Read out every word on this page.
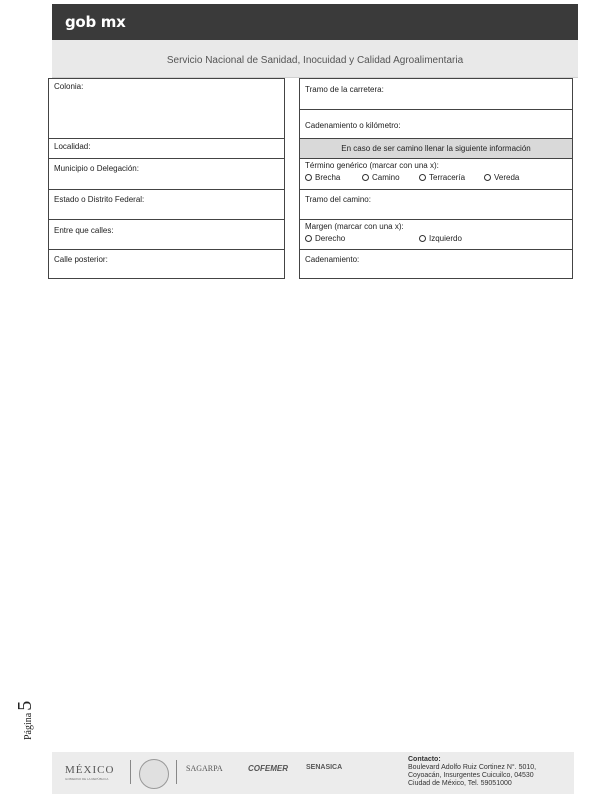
gob mx
Servicio Nacional de Sanidad, Inocuidad y Calidad Agroalimentaria
Colonia:
Localidad:
Municipio o Delegación:
Estado o Distrito Federal:
Entre que calles:
Calle posterior:
Tramo de la carretera:
Cadenamiento o kilómetro:
En caso de ser camino llenar la siguiente información
Término genérico (marcar con una x):
Brecha	Camino	Terracería	Vereda
Tramo del camino:
Margen (marcar con una x):
Derecho	Izquierdo
Cadenamiento:
Página
5
MÉXICO
GOBIERNO DE LA REPÚBLICA
SAGARPA	COFEMER	SENASICA
Contacto:
Boulevard Adolfo Ruiz Cortinez N°. 5010,
Coyoacán, Insurgentes Cuicuilco, 04530
Ciudad de México, Tel. 59051000
